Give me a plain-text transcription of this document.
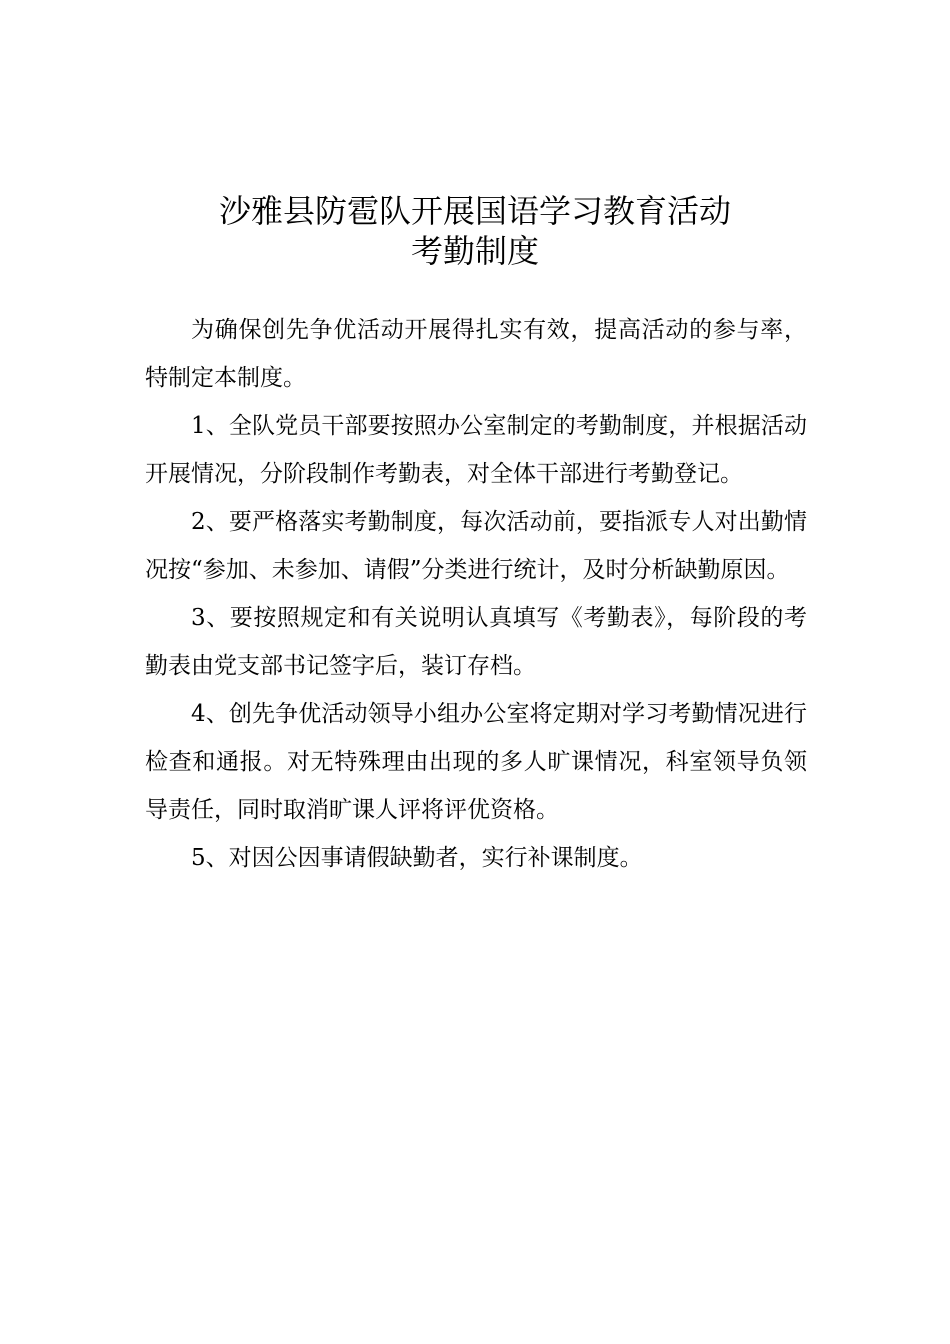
沙雅县防雹队开展国语学习教育活动
考勤制度

为确保创先争优活动开展得扎实有效，提高活动的参与率，特制定本制度。

1、全队党员干部要按照办公室制定的考勤制度，并根据活动开展情况，分阶段制作考勤表，对全体干部进行考勤登记。

2、要严格落实考勤制度，每次活动前，要指派专人对出勤情况按“参加、未参加、请假”分类进行统计，及时分析缺勤原因。

3、要按照规定和有关说明认真填写《考勤表》，每阶段的考勤表由党支部书记签字后，装订存档。

4、创先争优活动领导小组办公室将定期对学习考勤情况进行检查和通报。对无特殊理由出现的多人旷课情况，科室领导负领导责任，同时取消旷课人评将评优资格。

5、对因公因事请假缺勤者，实行补课制度。
